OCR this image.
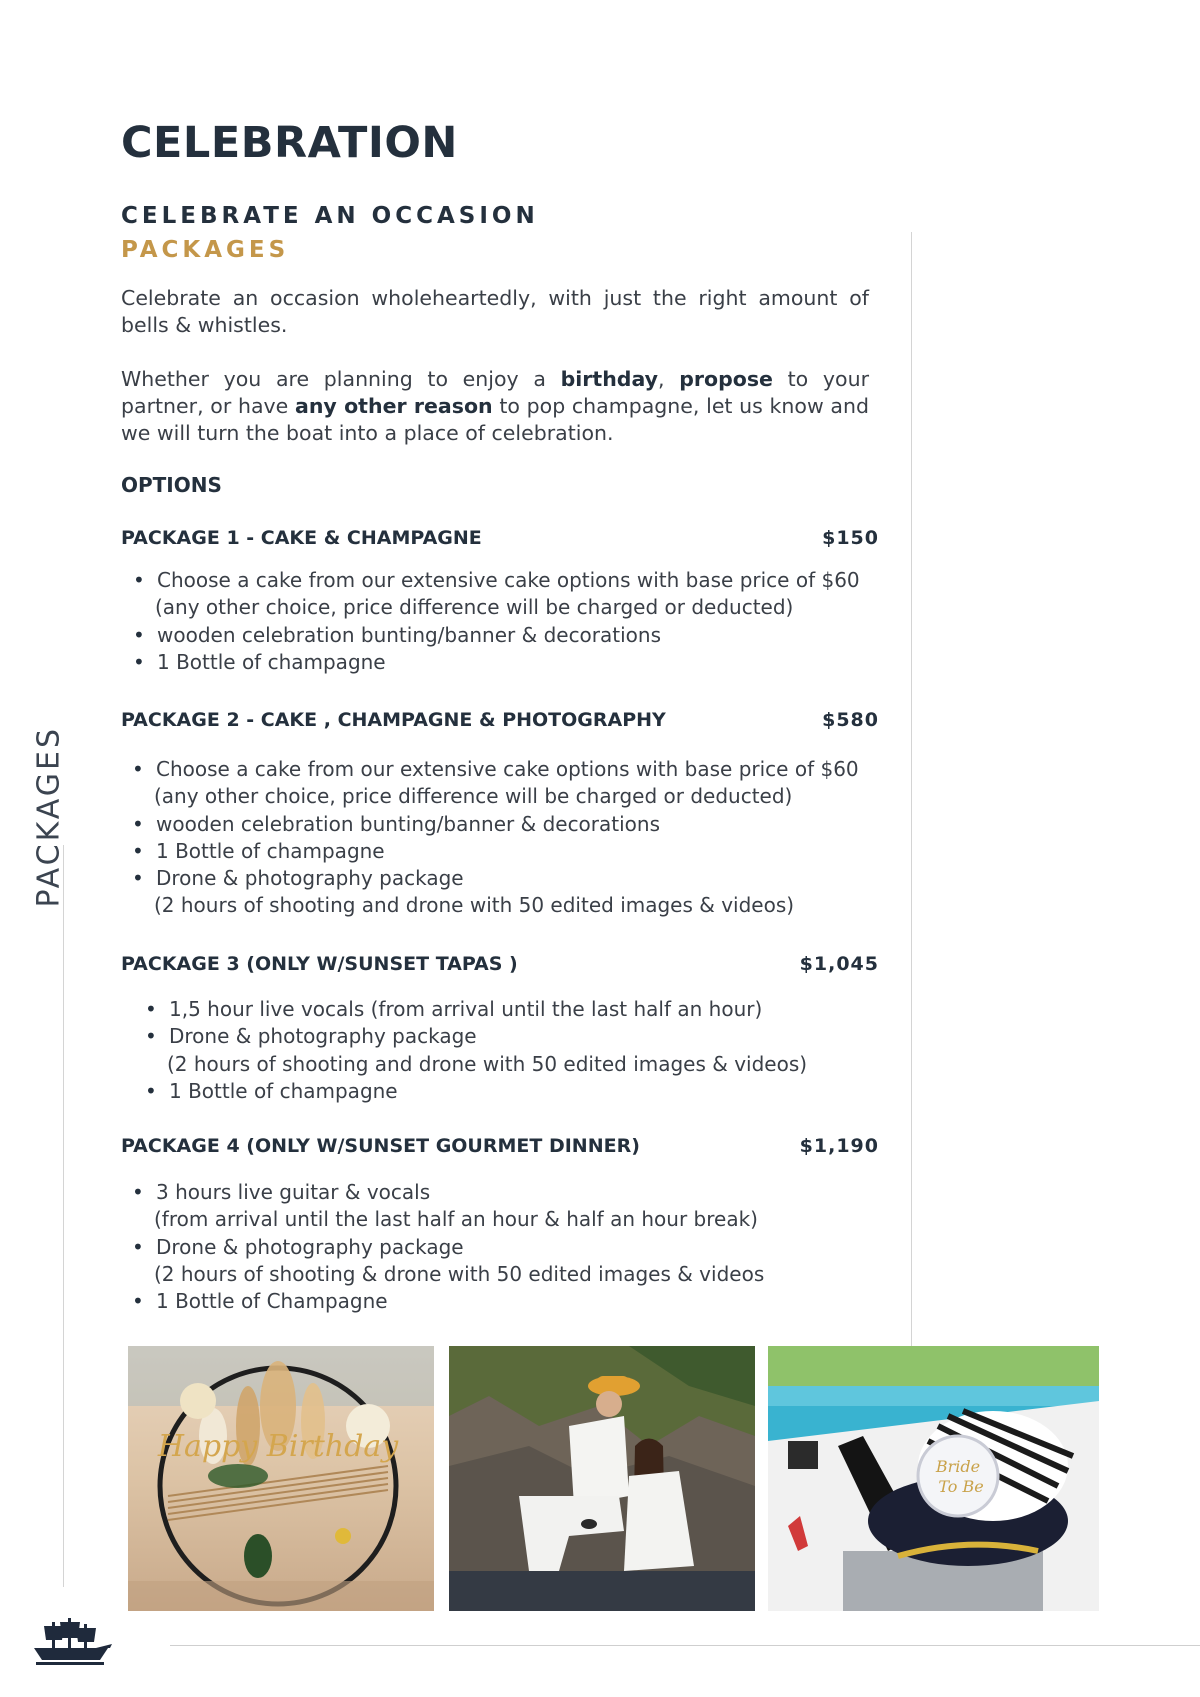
CELEBRATION
CELEBRATE AN OCCASION
PACKAGES
Celebrate an occasion wholeheartedly, with just the right amount of bells & whistles.
Whether you are planning to enjoy a birthday, propose to your partner, or have any other reason to pop champagne, let us know and we will turn the boat into a place of celebration.
OPTIONS
PACKAGE 1 - CAKE & CHAMPAGNE	$150
• Choose a cake from our extensive cake options with base price of $60
(any other choice, price difference will be charged or deducted)
• wooden celebration bunting/banner & decorations
• 1 Bottle of champagne
PACKAGE 2 - CAKE , CHAMPAGNE & PHOTOGRAPHY	$580
• Choose a cake from our extensive cake options with base price of $60
(any other choice, price difference will be charged or deducted)
• wooden celebration bunting/banner & decorations
• 1 Bottle of champagne
• Drone & photography package
(2 hours of shooting and drone with 50 edited images & videos)
PACKAGE 3 (ONLY W/SUNSET TAPAS )	$1,045
• 1,5 hour live vocals (from arrival until the last half an hour)
• Drone & photography package
(2 hours of shooting and drone with 50 edited images & videos)
• 1 Bottle of champagne
PACKAGE 4 (ONLY W/SUNSET GOURMET DINNER)	$1,190
• 3 hours live guitar & vocals
(from arrival until the last half an hour & half an hour break)
• Drone & photography package
(2 hours of shooting & drone with 50 edited images & videos
• 1 Bottle of Champagne
PACKAGES
Happy Birthday
Bride
To Be
